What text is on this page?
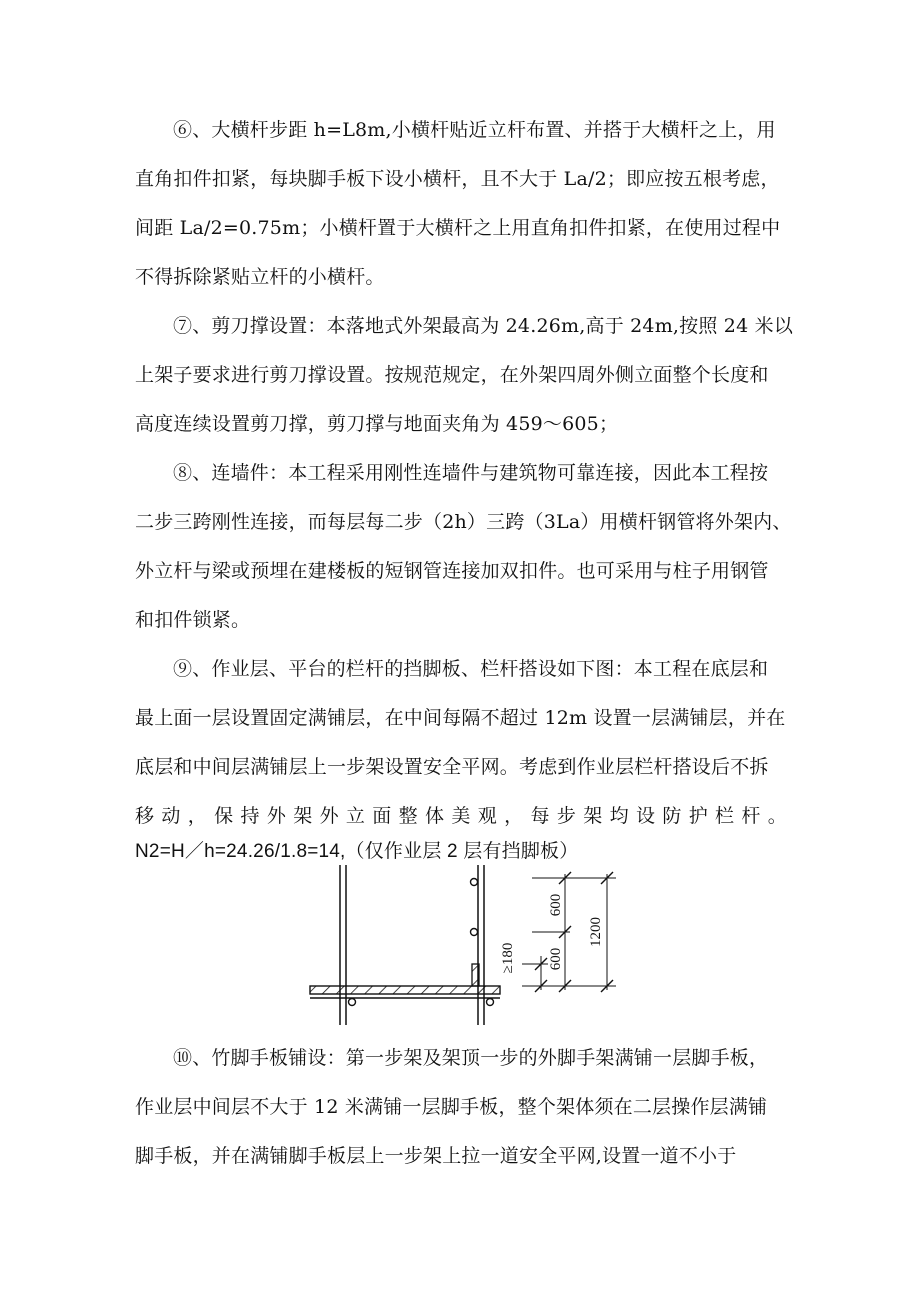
⑥、大横杆步距 h=L8m,小横杆贴近立杆布置、并搭于大横杆之上，用
直角扣件扣紧，每块脚手板下设小横杆，且不大于 La/2；即应按五根考虑，
间距 La/2=0.75m；小横杆置于大横杆之上用直角扣件扣紧，在使用过程中
不得拆除紧贴立杆的小横杆。
⑦、剪刀撑设置：本落地式外架最高为 24.26m,高于 24m,按照 24 米以
上架子要求进行剪刀撑设置。按规范规定，在外架四周外侧立面整个长度和
高度连续设置剪刀撑，剪刀撑与地面夹角为 459～605；
⑧、连墙件：本工程采用刚性连墙件与建筑物可靠连接，因此本工程按
二步三跨刚性连接，而每层每二步（2h）三跨（3La）用横杆钢管将外架内、
外立杆与梁或预埋在建楼板的短钢管连接加双扣件。也可采用与柱子用钢管
和扣件锁紧。
⑨、作业层、平台的栏杆的挡脚板、栏杆搭设如下图：本工程在底层和
最上面一层设置固定满铺层，在中间每隔不超过 12m 设置一层满铺层，并在
底层和中间层满铺层上一步架设置安全平网。考虑到作业层栏杆搭设后不拆
移动，保持外架外立面整体美观，每步架均设防护栏杆。
N2=H／h=24.26/1.8=14,（仅作业层 2 层有挡脚板）
600
600
1200
≥180
⑩、竹脚手板铺设：第一步架及架顶一步的外脚手架满铺一层脚手板，
作业层中间层不大于 12 米满铺一层脚手板，整个架体须在二层操作层满铺
脚手板，并在满铺脚手板层上一步架上拉一道安全平网,设置一道不小于
